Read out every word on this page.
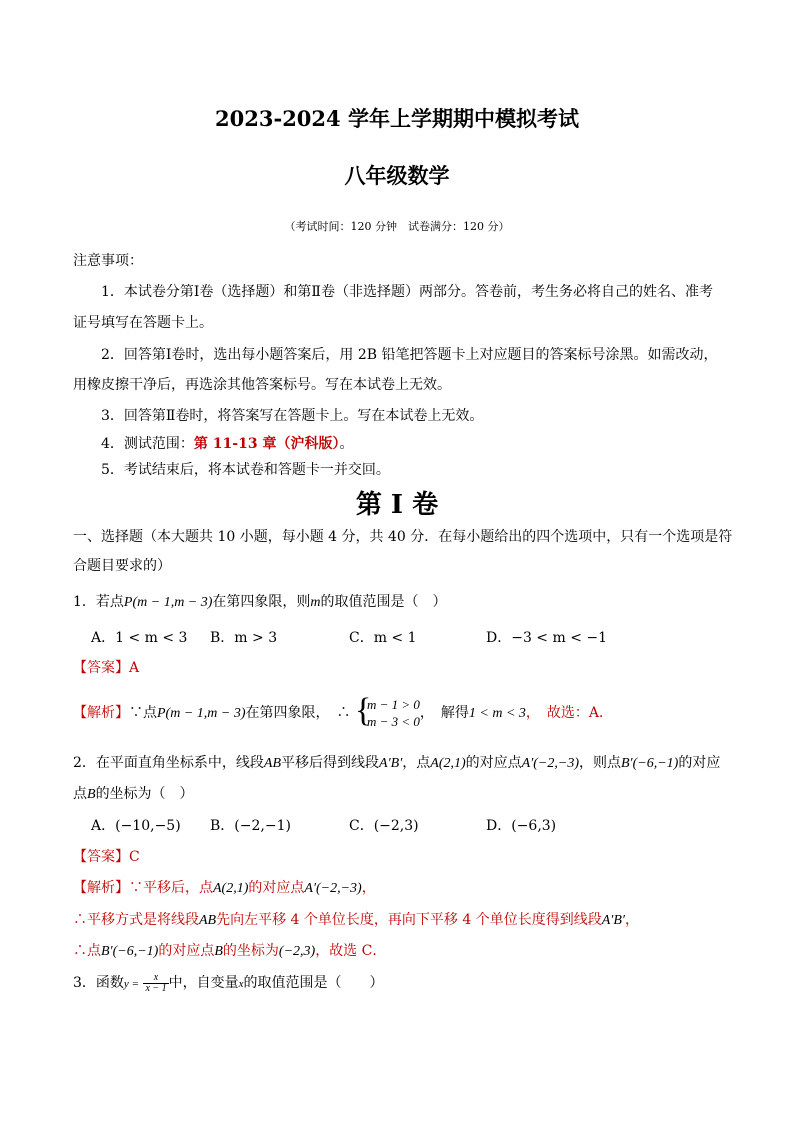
2023-2024 学年上学期期中模拟考试
八年级数学
（考试时间：120 分钟　试卷满分：120 分）
注意事项：
1．本试卷分第Ⅰ卷（选择题）和第Ⅱ卷（非选择题）两部分。答卷前，考生务必将自己的姓名、准考
证号填写在答题卡上。
2．回答第Ⅰ卷时，选出每小题答案后，用 2B 铅笔把答题卡上对应题目的答案标号涂黑。如需改动，
用橡皮擦干净后，再选涂其他答案标号。写在本试卷上无效。
3．回答第Ⅱ卷时，将答案写在答题卡上。写在本试卷上无效。
4．测试范围：第 11-13 章（沪科版）。
5．考试结束后，将本试卷和答题卡一并交回。
第 I 卷
一、选择题（本大题共 10 小题，每小题 4 分，共 40 分．在每小题给出的四个选项中，只有一个选项是符
合题目要求的）
1．若点P(m − 1,m − 3)在第四象限，则m的取值范围是（　）
A．1 < m < 3 B．m > 3	C．m < 1	D．−3 < m < −1
【答案】A
【解析】∵点P(m − 1,m − 3)在第四象限，　∴ {
m − 1 > 0
m − 3 < 0
，　解得1 < m < 3，　故选：A．
2．在平面直角坐标系中，线段AB平移后得到线段A′B′，点A(2,1)的对应点A′(−2,−3)，则点B′(−6,−1)的对应
点B的坐标为（　）
A．(−10,−5) B．(−2,−1)	C．(−2,3)	D．(−6,3)
【答案】C
【解析】∵平移后，点A(2,1)的对应点A′(−2,−3)，
∴平移方式是将线段AB先向左平移 4 个单位长度，再向下平移 4 个单位长度得到线段A′B′，
∴点B′(−6,−1)的对应点B的坐标为(−2,3)，故选 C．
3．函数$y = \frac{x}{x - 1}$ 中，自变量x的取值范围是（　　）
